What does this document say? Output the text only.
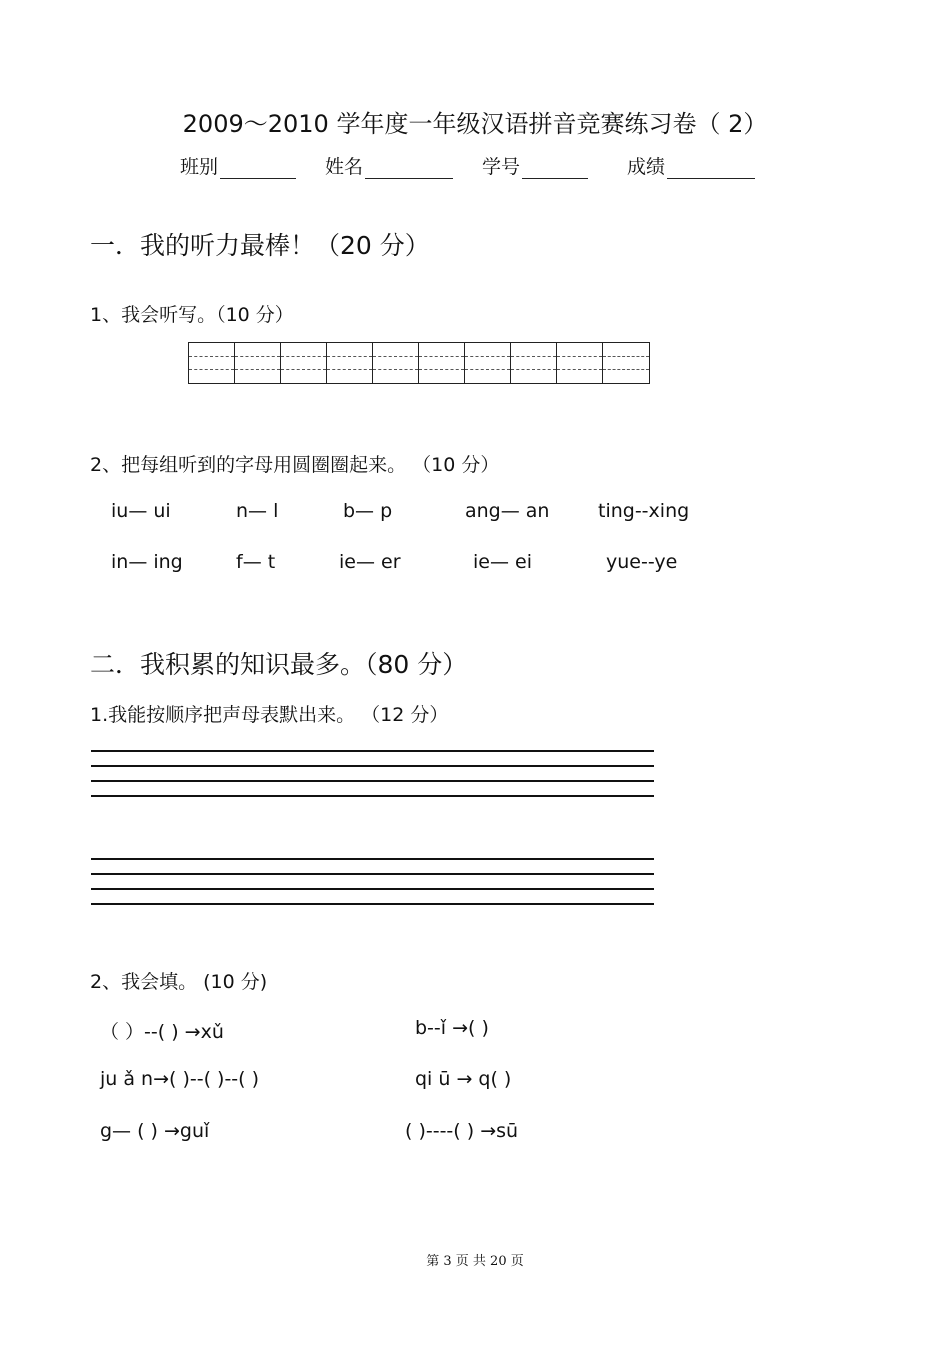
2009～2010 学年度一年级汉语拼音竞赛练习卷（ 2）
班别	姓名	学号	成绩
一．我的听力最棒！（20 分）
1、我会听写。（10 分）
2、把每组听到的字母用圆圈圈起来。 （10 分）
iu— ui	n— l	b— p	ang— an	ting--xing
in— ing	f— t	ie— er	ie— ei	yue--ye
二．我积累的知识最多。（80 分）
1.我能按顺序把声母表默出来。 （12 分）
2、我会填。 (10 分)
（ ）--( ) →xǔ	b--ǐ →( )
ju ǎ n→( )--( )--( )	qi ū → q( )
g— ( ) →guǐ	( )----( ) →sū
第 3 页 共 20 页
